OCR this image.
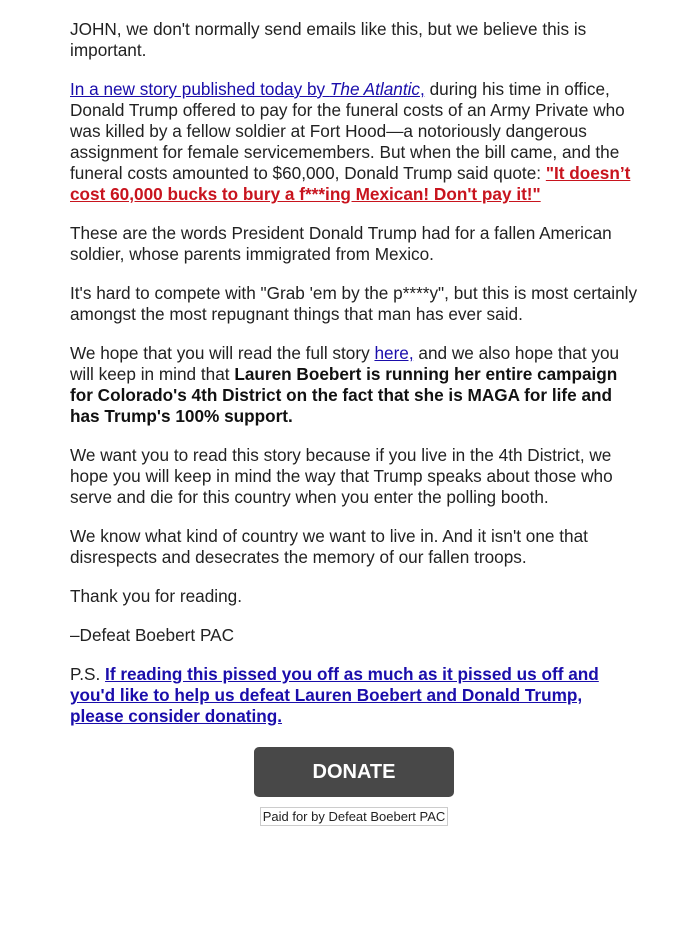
JOHN, we don't normally send emails like this, but we believe this is important.

In a new story published today by The Atlantic, during his time in office, Donald Trump offered to pay for the funeral costs of an Army Private who was killed by a fellow soldier at Fort Hood—a notoriously dangerous assignment for female servicemembers. But when the bill came, and the funeral costs amounted to $60,000, Donald Trump said quote: "It doesn’t cost 60,000 bucks to bury a f***ing Mexican! Don't pay it!"

These are the words President Donald Trump had for a fallen American soldier, whose parents immigrated from Mexico.

It's hard to compete with "Grab 'em by the p****y", but this is most certainly amongst the most repugnant things that man has ever said.

We hope that you will read the full story here, and we also hope that you will keep in mind that Lauren Boebert is running her entire campaign for Colorado's 4th District on the fact that she is MAGA for life and has Trump's 100% support.

We want you to read this story because if you live in the 4th District, we hope you will keep in mind the way that Trump speaks about those who serve and die for this country when you enter the polling booth.

We know what kind of country we want to live in. And it isn't one that disrespects and desecrates the memory of our fallen troops.

Thank you for reading.

–Defeat Boebert PAC

P.S. If reading this pissed you off as much as it pissed us off and you'd like to help us defeat Lauren Boebert and Donald Trump, please consider donating.

DONATE
Paid for by Defeat Boebert PAC
